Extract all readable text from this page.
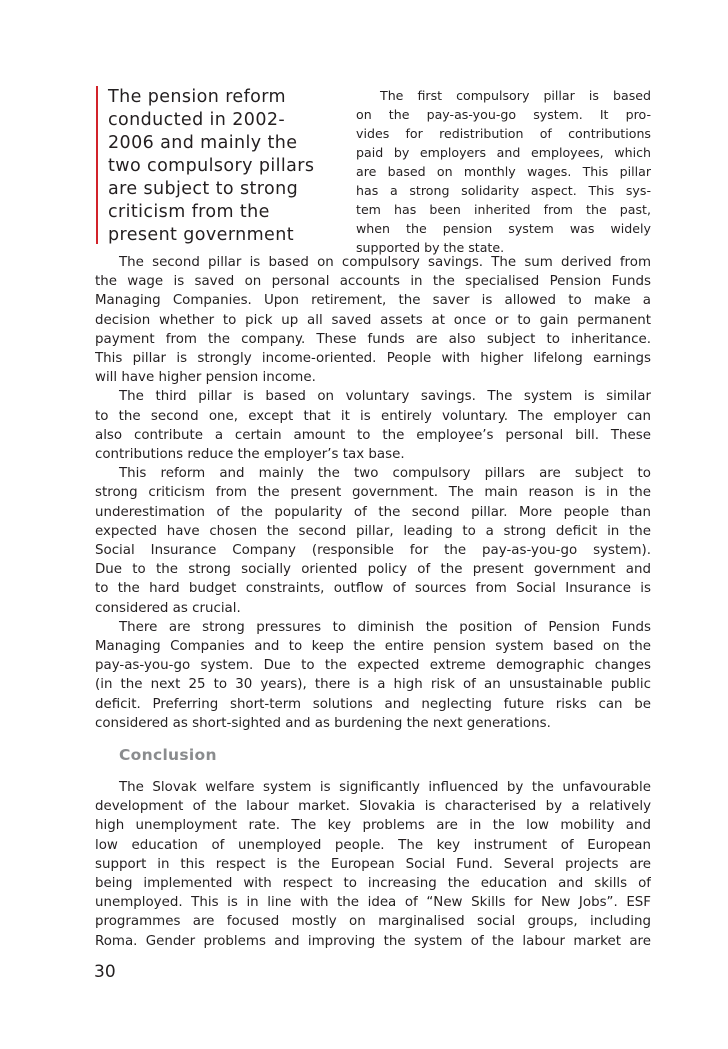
The pension reform
conducted in 2002-
2006 and mainly the
two compulsory pillars
are subject to strong
criticism from the
present government
The first compulsory pillar is based
on the pay-as-you-go system. It pro-
vides for redistribution of contributions
paid by employers and employees, which
are based on monthly wages. This pillar
has a strong solidarity aspect. This sys-
tem has been inherited from the past,
when the pension system was widely
supported by the state.
The second pillar is based on compulsory savings. The sum derived from
the wage is saved on personal accounts in the specialised Pension Funds
Managing Companies. Upon retirement, the saver is allowed to make a
decision whether to pick up all saved assets at once or to gain permanent
payment from the company. These funds are also subject to inheritance.
This pillar is strongly income-oriented. People with higher lifelong earnings
will have higher pension income.
The third pillar is based on voluntary savings. The system is similar
to the second one, except that it is entirely voluntary. The employer can
also contribute a certain amount to the employee’s personal bill. These
contributions reduce the employer’s tax base.
This reform and mainly the two compulsory pillars are subject to
strong criticism from the present government. The main reason is in the
underestimation of the popularity of the second pillar. More people than
expected have chosen the second pillar, leading to a strong deficit in the
Social Insurance Company (responsible for the pay-as-you-go system).
Due to the strong socially oriented policy of the present government and
to the hard budget constraints, outflow of sources from Social Insurance is
considered as crucial.
There are strong pressures to diminish the position of Pension Funds
Managing Companies and to keep the entire pension system based on the
pay-as-you-go system. Due to the expected extreme demographic changes
(in the next 25 to 30 years), there is a high risk of an unsustainable public
deficit. Preferring short-term solutions and neglecting future risks can be
considered as short-sighted and as burdening the next generations.
Conclusion
The Slovak welfare system is significantly influenced by the unfavourable
development of the labour market. Slovakia is characterised by a relatively
high unemployment rate. The key problems are in the low mobility and
low education of unemployed people. The key instrument of European
support in this respect is the European Social Fund. Several projects are
being implemented with respect to increasing the education and skills of
unemployed. This is in line with the idea of “New Skills for New Jobs”. ESF
programmes are focused mostly on marginalised social groups, including
Roma. Gender problems and improving the system of the labour market are
30
